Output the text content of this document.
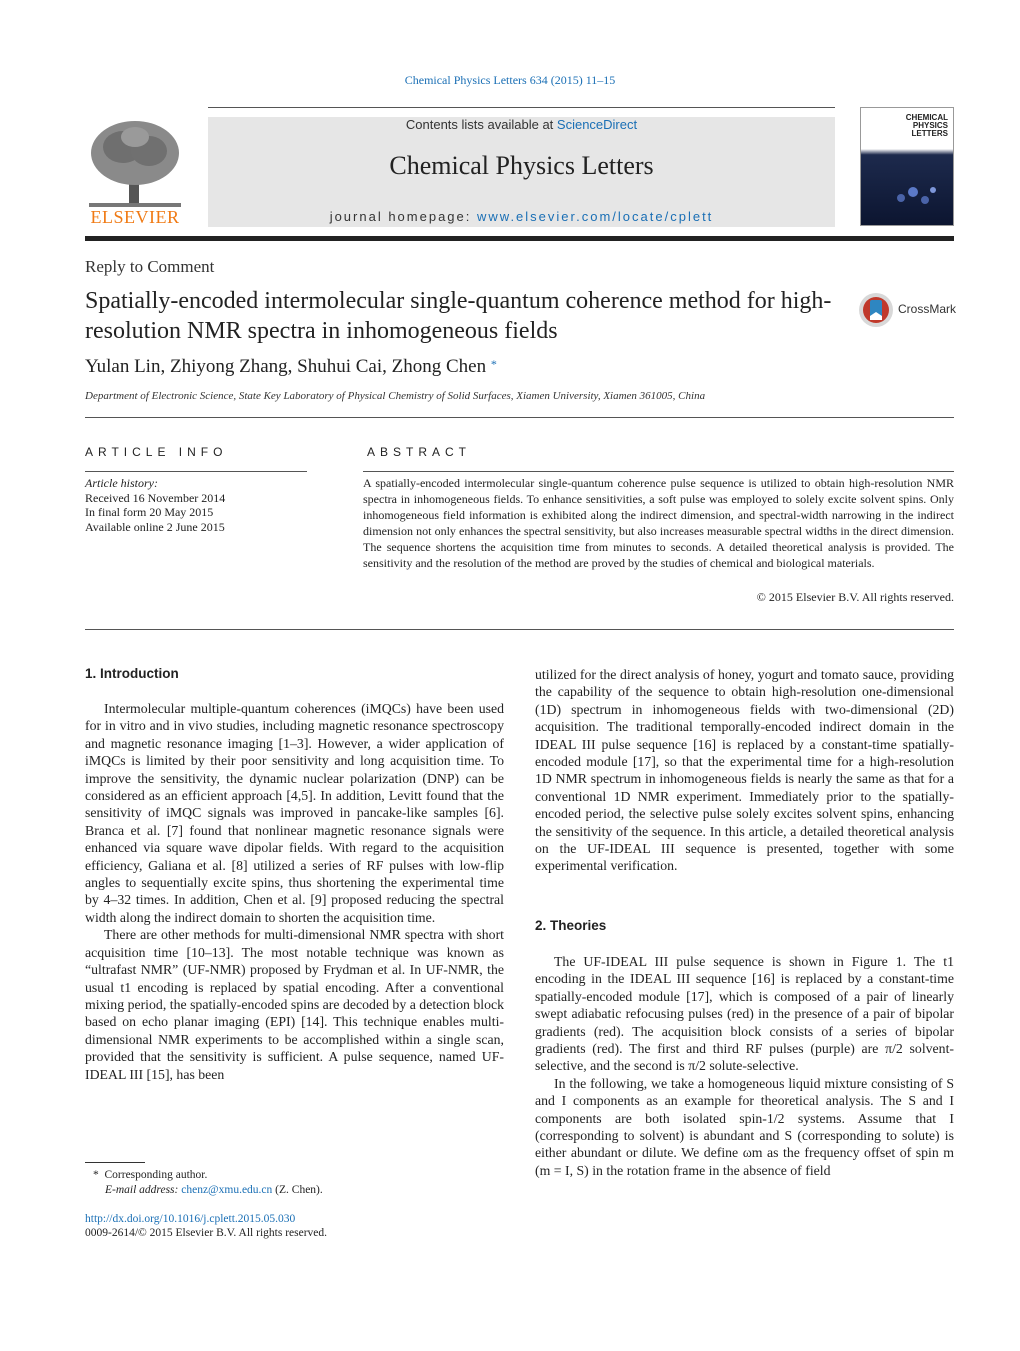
Chemical Physics Letters 634 (2015) 11–15
ELSEVIER
Contents lists available at ScienceDirect
Chemical Physics Letters
journal homepage: www.elsevier.com/locate/cplett
CHEMICAL PHYSICS LETTERS
Reply to Comment
Spatially-encoded intermolecular single-quantum coherence method for high-resolution NMR spectra in inhomogeneous fields
CrossMark
Yulan Lin, Zhiyong Zhang, Shuhui Cai, Zhong Chen *
Department of Electronic Science, State Key Laboratory of Physical Chemistry of Solid Surfaces, Xiamen University, Xiamen 361005, China
ARTICLE INFO
Article history:
Received 16 November 2014
In final form 20 May 2015
Available online 2 June 2015
ABSTRACT
A spatially-encoded intermolecular single-quantum coherence pulse sequence is utilized to obtain high-resolution NMR spectra in inhomogeneous fields. To enhance sensitivities, a soft pulse was employed to solely excite solvent spins. Only inhomogeneous field information is exhibited along the indirect dimension, and spectral-width narrowing in the indirect dimension not only enhances the spectral sensitivity, but also increases measurable spectral widths in the direct dimension. The sequence shortens the acquisition time from minutes to seconds. A detailed theoretical analysis is provided. The sensitivity and the resolution of the method are proved by the studies of chemical and biological materials.
© 2015 Elsevier B.V. All rights reserved.
1. Introduction

Intermolecular multiple-quantum coherences (iMQCs) have been used for in vitro and in vivo studies, including magnetic resonance spectroscopy and magnetic resonance imaging [1–3]. However, a wider application of iMQCs is limited by their poor sensitivity and long acquisition time. To improve the sensitivity, the dynamic nuclear polarization (DNP) can be considered as an efficient approach [4,5]. In addition, Levitt found that the sensitivity of iMQC signals was improved in pancake-like samples [6]. Branca et al. [7] found that nonlinear magnetic resonance signals were enhanced via square wave dipolar fields. With regard to the acquisition efficiency, Galiana et al. [8] utilized a series of RF pulses with low-flip angles to sequentially excite spins, thus shortening the experimental time by 4–32 times. In addition, Chen et al. [9] proposed reducing the spectral width along the indirect domain to shorten the acquisition time.

There are other methods for multi-dimensional NMR spectra with short acquisition time [10–13]. The most notable technique was known as “ultrafast NMR” (UF-NMR) proposed by Frydman et al. In UF-NMR, the usual t1 encoding is replaced by spatial encoding. After a conventional mixing period, the spatially-encoded spins are decoded by a detection block based on echo planar imaging (EPI) [14]. This technique enables multi-dimensional NMR experiments to be accomplished within a single scan, provided that the sensitivity is sufficient. A pulse sequence, named UF-IDEAL III [15], has been

utilized for the direct analysis of honey, yogurt and tomato sauce, providing the capability of the sequence to obtain high-resolution one-dimensional (1D) spectrum in inhomogeneous fields with two-dimensional (2D) acquisition. The traditional temporally-encoded indirect domain in the IDEAL III pulse sequence [16] is replaced by a constant-time spatially-encoded module [17], so that the experimental time for a high-resolution 1D NMR spectrum in inhomogeneous fields is nearly the same as that for a conventional 1D NMR experiment. Immediately prior to the spatially-encoded period, the selective pulse solely excites solvent spins, enhancing the sensitivity of the sequence. In this article, a detailed theoretical analysis on the UF-IDEAL III sequence is presented, together with some experimental verification.

2. Theories

The UF-IDEAL III pulse sequence is shown in Figure 1. The t1 encoding in the IDEAL III sequence [16] is replaced by a constant-time spatially-encoded module [17], which is composed of a pair of linearly swept adiabatic refocusing pulses (red) in the presence of a pair of bipolar gradients (red). The acquisition block consists of a series of bipolar gradients (red). The first and third RF pulses (purple) are π/2 solvent-selective, and the second is π/2 solute-selective.

In the following, we take a homogeneous liquid mixture consisting of S and I components as an example for theoretical analysis. The S and I components are both isolated spin-1/2 systems. Assume that I (corresponding to solvent) is abundant and S (corresponding to solute) is either abundant or dilute. We define ωm as the frequency offset of spin m (m = I, S) in the rotation frame in the absence of field

* Corresponding author.
E-mail address: chenz@xmu.edu.cn (Z. Chen).
http://dx.doi.org/10.1016/j.cplett.2015.05.030
0009-2614/© 2015 Elsevier B.V. All rights reserved.
